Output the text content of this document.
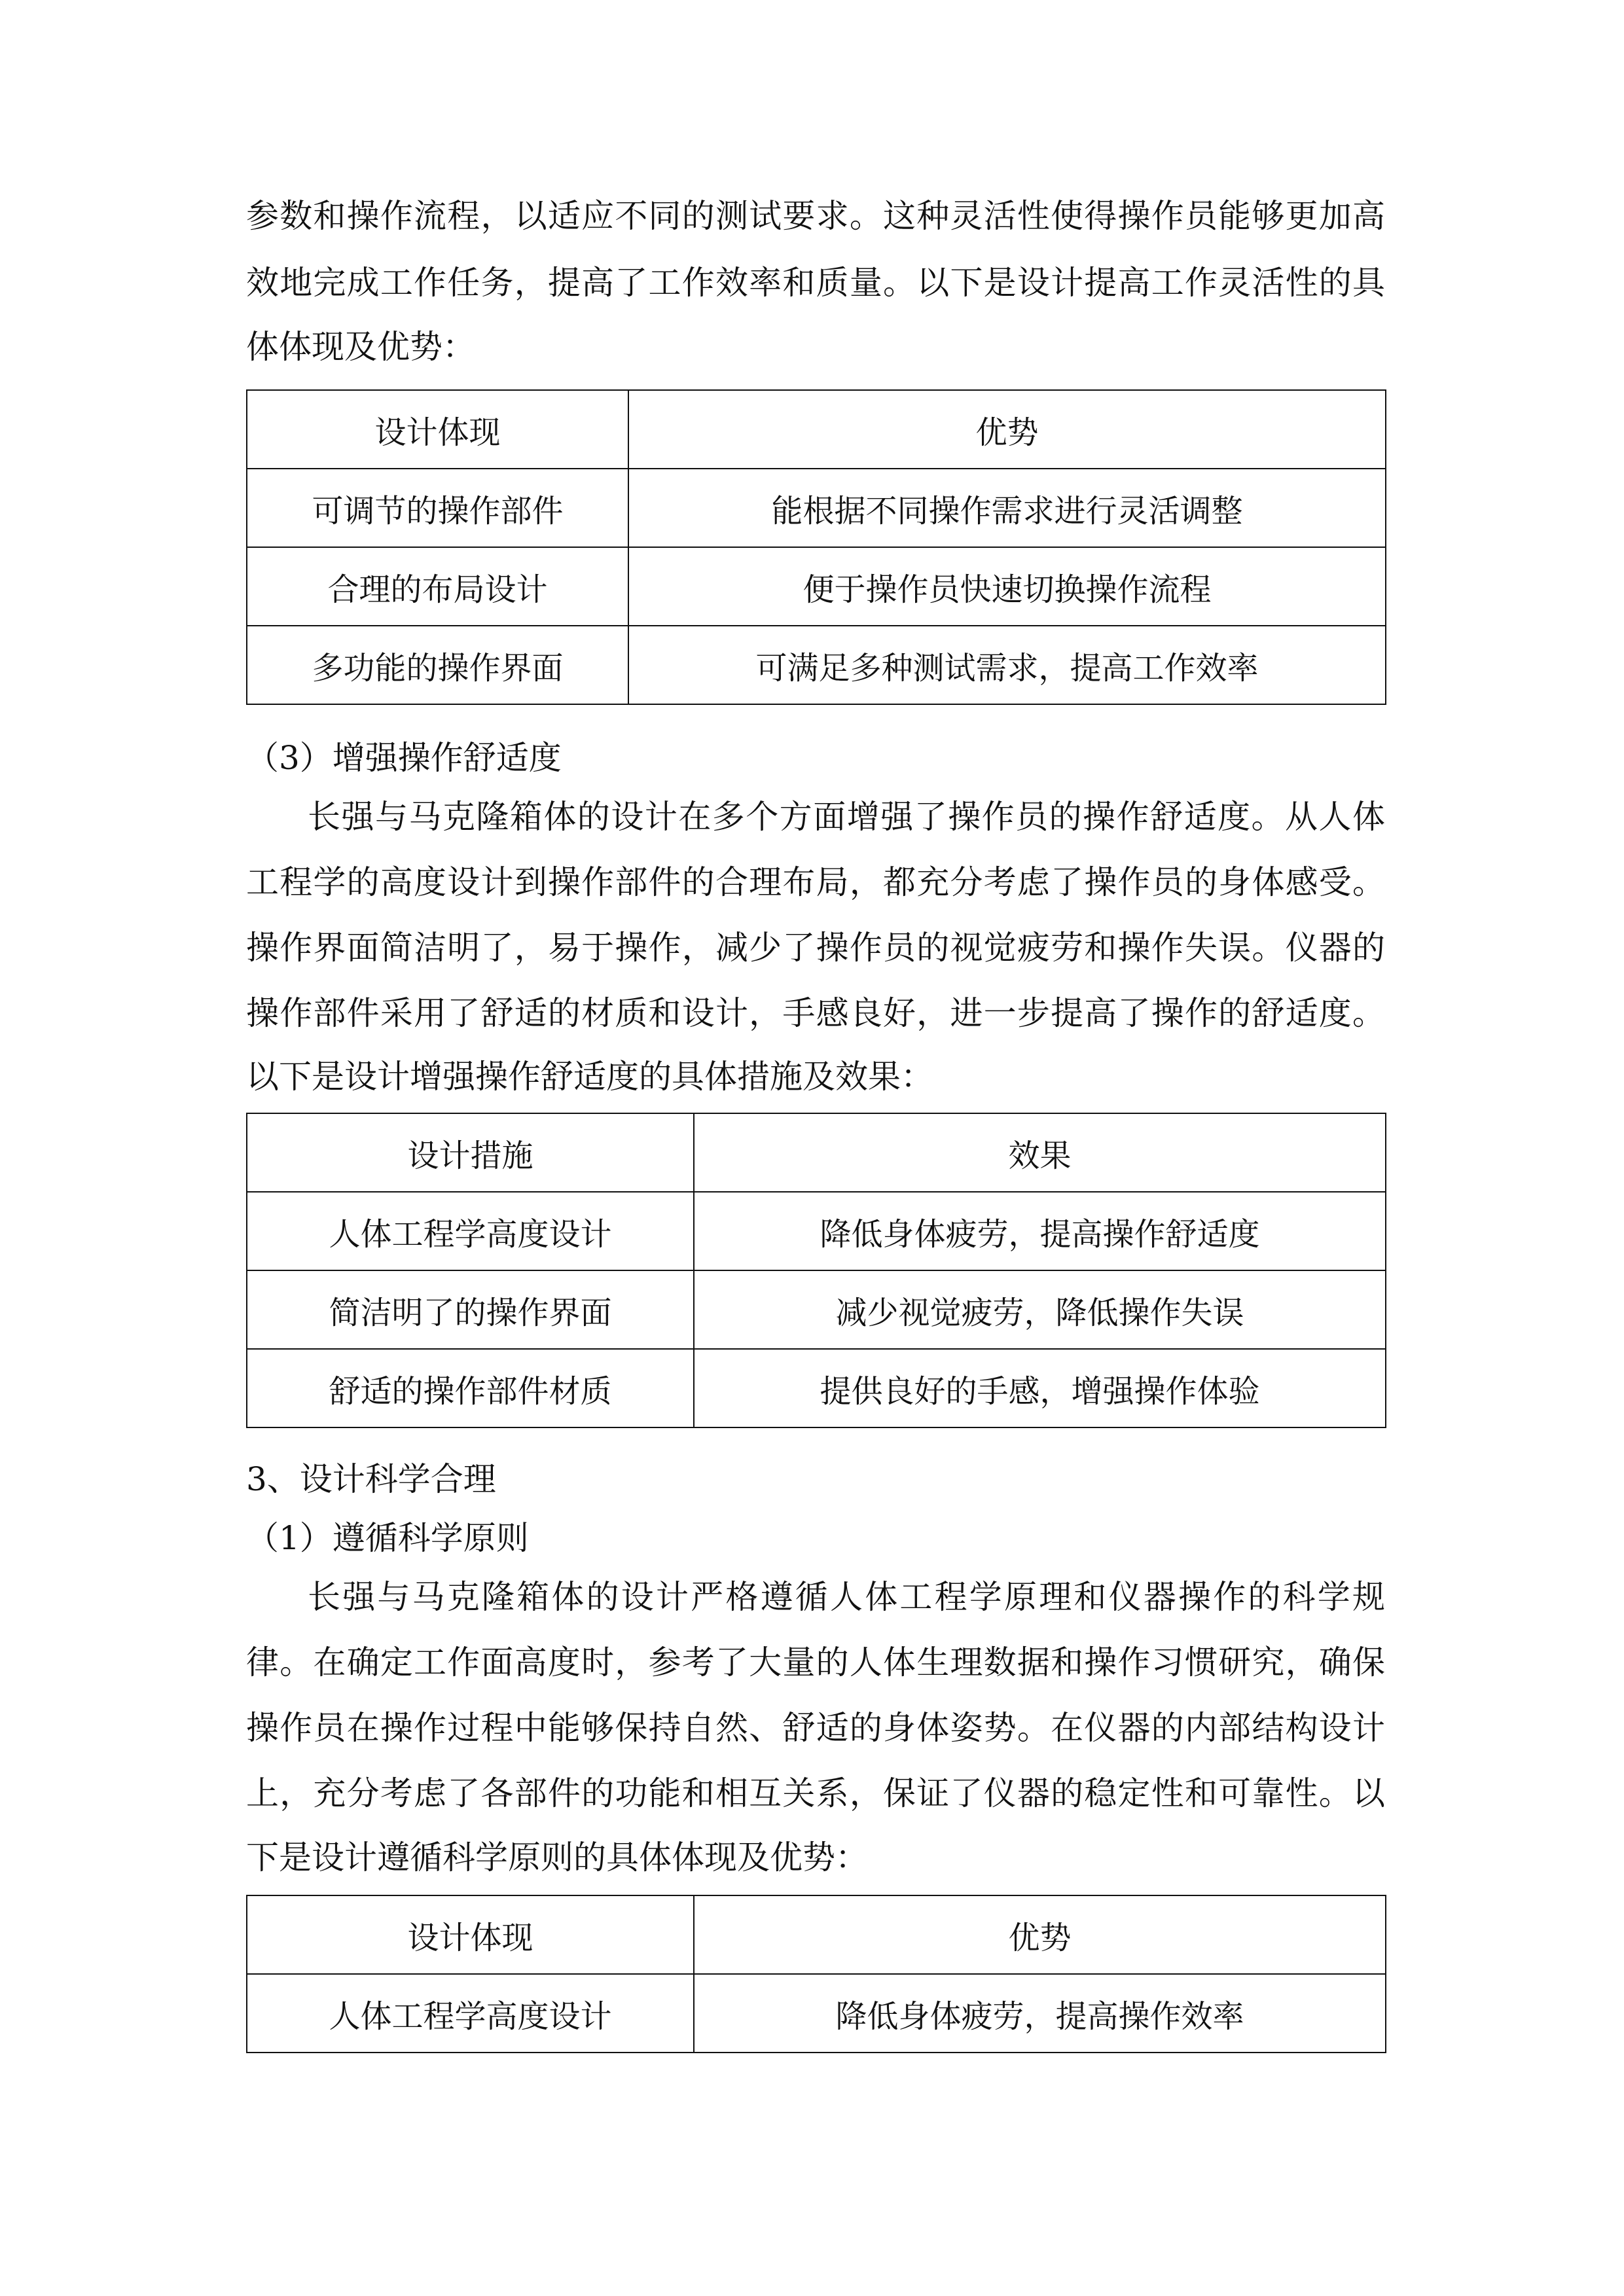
参数和操作流程，以适应不同的测试要求。这种灵活性使得操作员能够更加高
效地完成工作任务，提高了工作效率和质量。以下是设计提高工作灵活性的具
体体现及优势：
设计体现	优势
可调节的操作部件	能根据不同操作需求进行灵活调整
合理的布局设计	便于操作员快速切换操作流程
多功能的操作界面	可满足多种测试需求，提高工作效率
（3）增强操作舒适度
长强与马克隆箱体的设计在多个方面增强了操作员的操作舒适度。从人体
工程学的高度设计到操作部件的合理布局，都充分考虑了操作员的身体感受。
操作界面简洁明了，易于操作，减少了操作员的视觉疲劳和操作失误。仪器的
操作部件采用了舒适的材质和设计，手感良好，进一步提高了操作的舒适度。
以下是设计增强操作舒适度的具体措施及效果：
设计措施	效果
人体工程学高度设计	降低身体疲劳，提高操作舒适度
简洁明了的操作界面	减少视觉疲劳，降低操作失误
舒适的操作部件材质	提供良好的手感，增强操作体验
3、设计科学合理
（1）遵循科学原则
长强与马克隆箱体的设计严格遵循人体工程学原理和仪器操作的科学规
律。在确定工作面高度时，参考了大量的人体生理数据和操作习惯研究，确保
操作员在操作过程中能够保持自然、舒适的身体姿势。在仪器的内部结构设计
上，充分考虑了各部件的功能和相互关系，保证了仪器的稳定性和可靠性。以
下是设计遵循科学原则的具体体现及优势：
设计体现	优势
人体工程学高度设计	降低身体疲劳，提高操作效率
